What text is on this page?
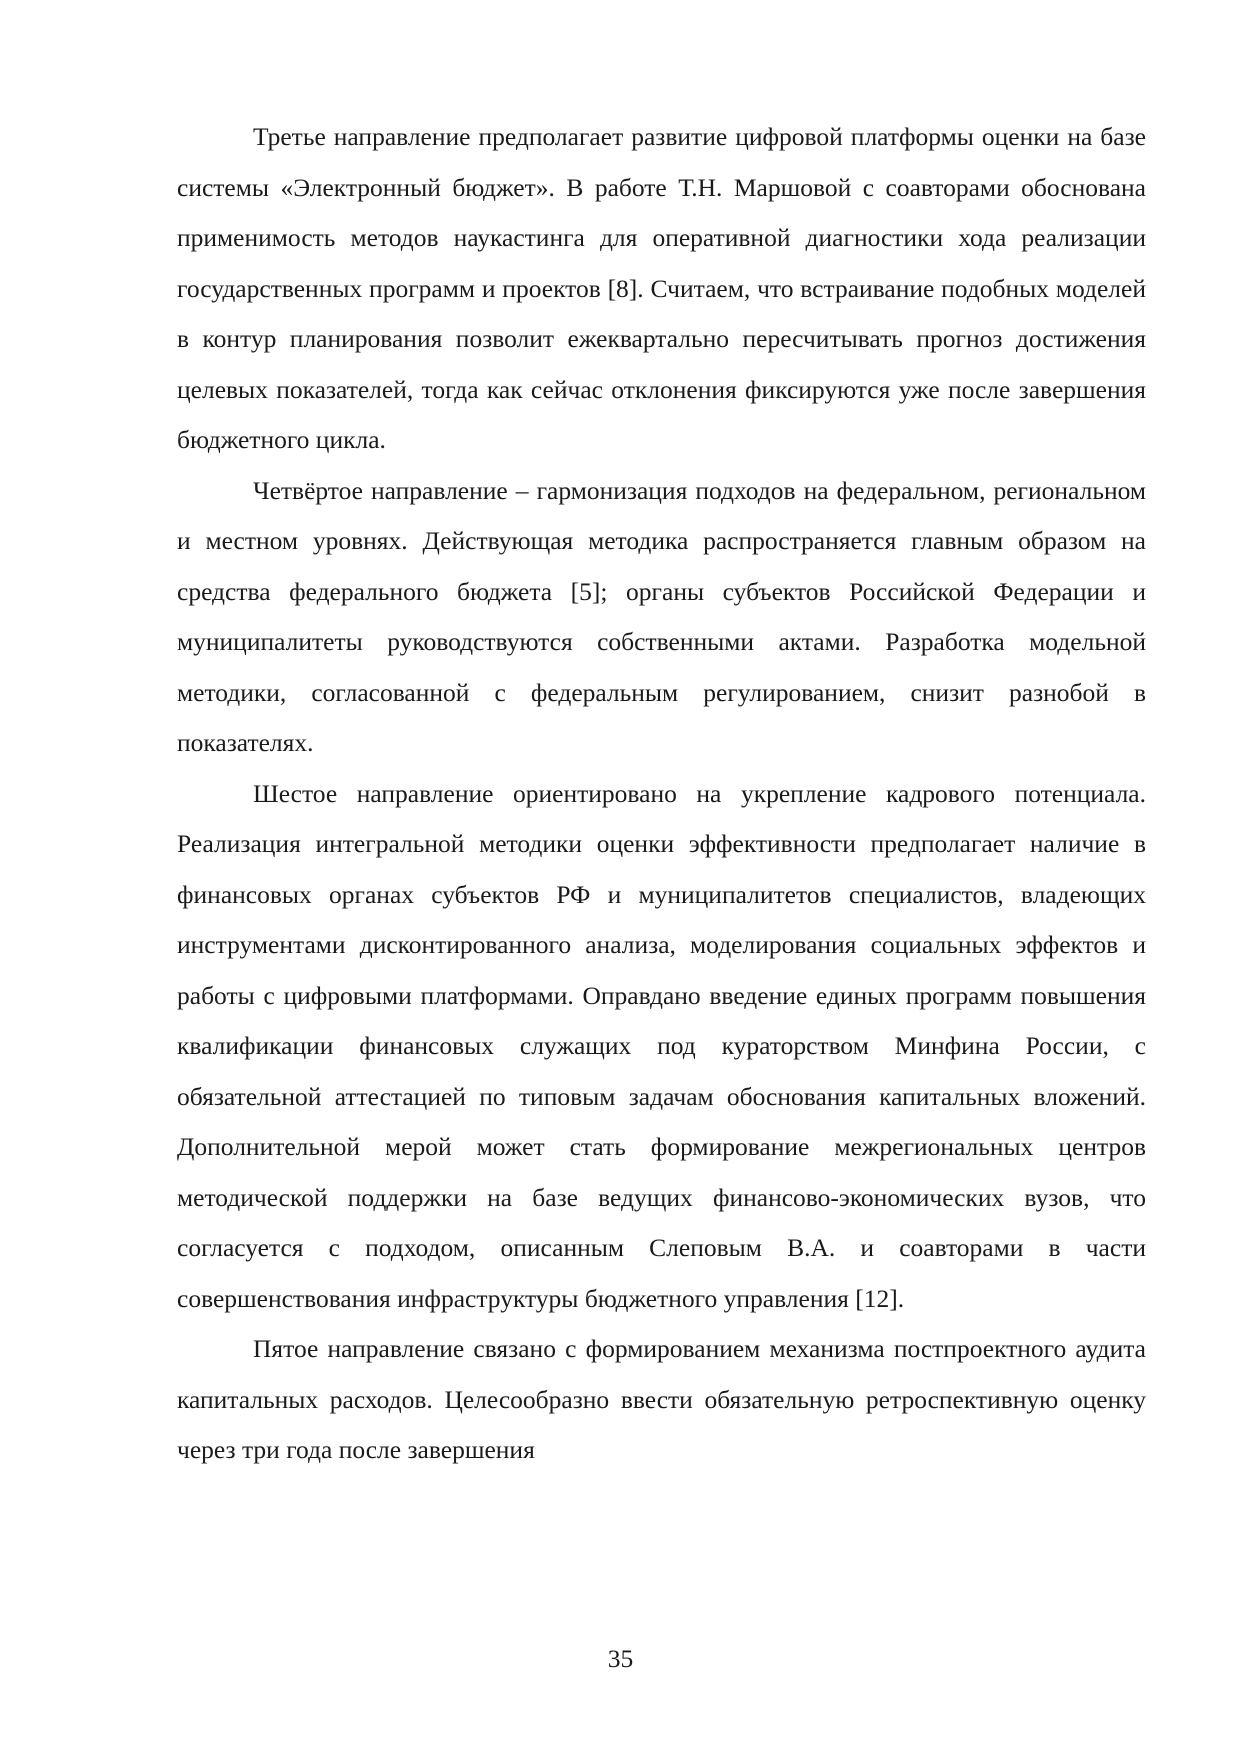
Третье направление предполагает развитие цифровой платформы оценки на базе системы «Электронный бюджет». В работе Т.Н. Маршовой с соавторами обоснована применимость методов наукастинга для оперативной диагностики хода реализации государственных программ и проектов [8]. Считаем, что встраивание подобных моделей в контур планирования позволит ежеквартально пересчитывать прогноз достижения целевых показателей, тогда как сейчас отклонения фиксируются уже после завершения бюджетного цикла.

Четвёртое направление – гармонизация подходов на федеральном, региональном и местном уровнях. Действующая методика распространяется главным образом на средства федерального бюджета [5]; органы субъектов Российской Федерации и муниципалитеты руководствуются собственными актами. Разработка модельной методики, согласованной с федеральным регулированием, снизит разнобой в показателях.

Шестое направление ориентировано на укрепление кадрового потенциала. Реализация интегральной методики оценки эффективности предполагает наличие в финансовых органах субъектов РФ и муниципалитетов специалистов, владеющих инструментами дисконтированного анализа, моделирования социальных эффектов и работы с цифровыми платформами. Оправдано введение единых программ повышения квалификации финансовых служащих под кураторством Минфина России, с обязательной аттестацией по типовым задачам обоснования капитальных вложений. Дополнительной мерой может стать формирование межрегиональных центров методической поддержки на базе ведущих финансово-экономических вузов, что согласуется с подходом, описанным Слеповым В.А. и соавторами в части совершенствования инфраструктуры бюджетного управления [12].

Пятое направление связано с формированием механизма постпроектного аудита капитальных расходов. Целесообразно ввести обязательную ретроспективную оценку через три года после завершения

35
